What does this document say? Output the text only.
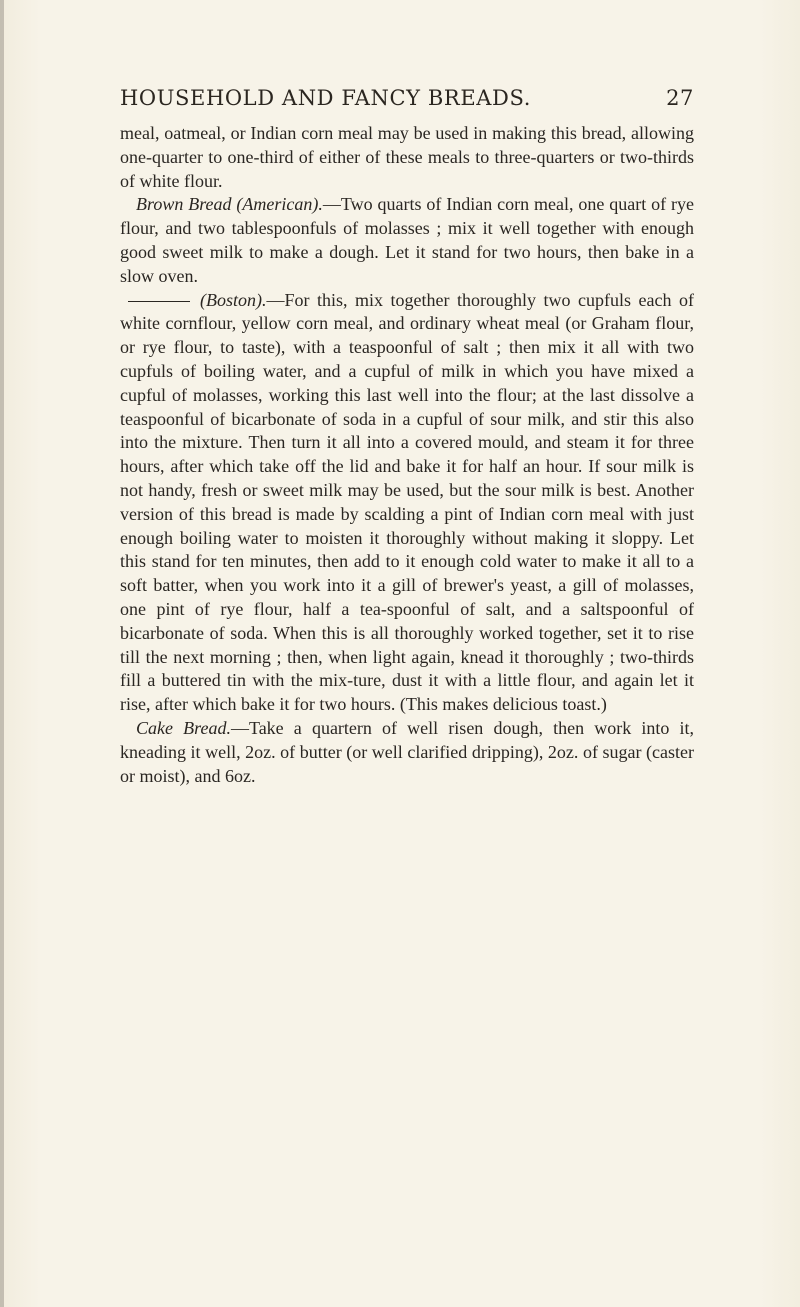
HOUSEHOLD AND FANCY BREADS.	27

meal, oatmeal, or Indian corn meal may be used in making this bread, allowing one-quarter to one-third of either of these meals to three-quarters or two-thirds of white flour.

Brown Bread (American).—Two quarts of Indian corn meal, one quart of rye flour, and two tablespoonfuls of molasses ; mix it well together with enough good sweet milk to make a dough. Let it stand for two hours, then bake in a slow oven.

(Boston).—For this, mix together thoroughly two cupfuls each of white cornflour, yellow corn meal, and ordinary wheat meal (or Graham flour, or rye flour, to taste), with a teaspoonful of salt ; then mix it all with two cupfuls of boiling water, and a cupful of milk in which you have mixed a cupful of molasses, working this last well into the flour; at the last dissolve a teaspoonful of bicarbonate of soda in a cupful of sour milk, and stir this also into the mixture. Then turn it all into a covered mould, and steam it for three hours, after which take off the lid and bake it for half an hour. If sour milk is not handy, fresh or sweet milk may be used, but the sour milk is best. Another version of this bread is made by scalding a pint of Indian corn meal with just enough boiling water to moisten it thoroughly without making it sloppy. Let this stand for ten minutes, then add to it enough cold water to make it all to a soft batter, when you work into it a gill of brewer's yeast, a gill of molasses, one pint of rye flour, half a tea-spoonful of salt, and a saltspoonful of bicarbonate of soda. When this is all thoroughly worked together, set it to rise till the next morning ; then, when light again, knead it thoroughly ; two-thirds fill a buttered tin with the mix-ture, dust it with a little flour, and again let it rise, after which bake it for two hours. (This makes delicious toast.)

Cake Bread.—Take a quartern of well risen dough, then work into it, kneading it well, 2oz. of butter (or well clarified dripping), 2oz. of sugar (caster or moist), and 6oz.
